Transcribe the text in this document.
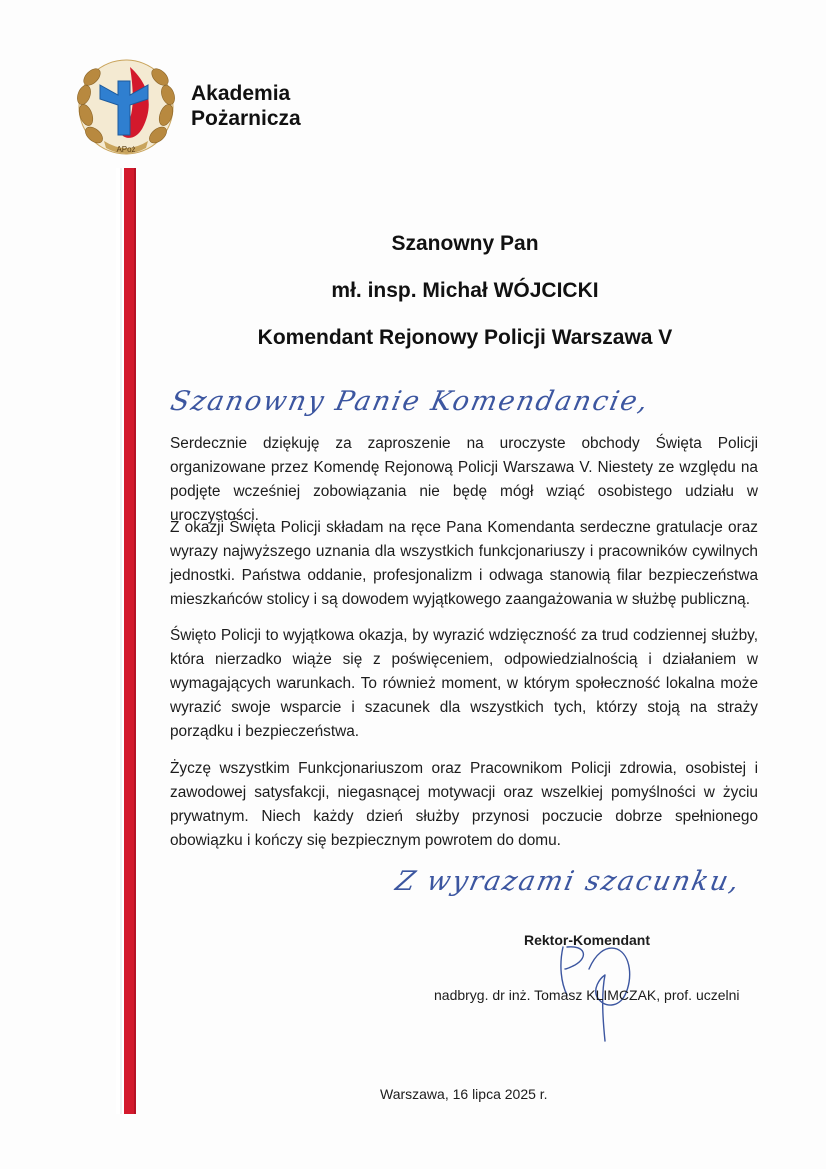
APoż
Akademia
Pożarnicza
Szanowny Pan
mł. insp. Michał WÓJCICKI
Komendant Rejonowy Policji Warszawa V
Szanowny Panie Komendancie,

Serdecznie dziękuję za zaproszenie na uroczyste obchody Święta Policji organizowane przez Komendę Rejonową Policji Warszawa V. Niestety ze względu na podjęte wcześniej zobowiązania nie będę mógł wziąć osobistego udziału w uroczystości.

Z okazji Święta Policji składam na ręce Pana Komendanta serdeczne gratulacje oraz wyrazy najwyższego uznania dla wszystkich funkcjonariuszy i pracowników cywilnych jednostki. Państwa oddanie, profesjonalizm i odwaga stanowią filar bezpieczeństwa mieszkańców stolicy i są dowodem wyjątkowego zaangażowania w służbę publiczną.

Święto Policji to wyjątkowa okazja, by wyrazić wdzięczność za trud codziennej służby, która nierzadko wiąże się z poświęceniem, odpowiedzialnością i działaniem w wymagających warunkach. To również moment, w którym społeczność lokalna może wyrazić swoje wsparcie i szacunek dla wszystkich tych, którzy stoją na straży porządku i bezpieczeństwa.

Życzę wszystkim Funkcjonariuszom oraz Pracownikom Policji zdrowia, osobistej i zawodowej satysfakcji, niegasnącej motywacji oraz wszelkiej pomyślności w życiu prywatnym. Niech każdy dzień służby przynosi poczucie dobrze spełnionego obowiązku i kończy się bezpiecznym powrotem do domu.

Z wyrazami szacunku,
Rektor-Komendant
nadbryg. dr inż. Tomasz KLIMCZAK, prof. uczelni
Warszawa, 16 lipca 2025 r.
